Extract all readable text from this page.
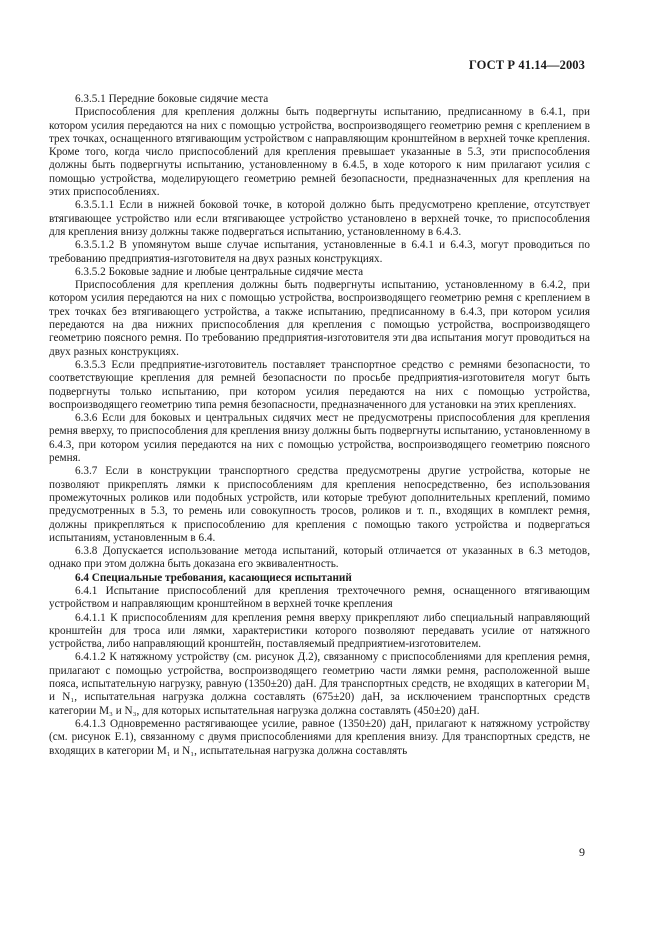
ГОСТ Р 41.14—2003

6.3.5.1 Передние боковые сидячие места

Приспособления для крепления должны быть подвергнуты испытанию, предписанному в 6.4.1, при котором усилия передаются на них с помощью устройства, воспроизводящего геометрию ремня с креплением в трех точках, оснащенного втягивающим устройством с направляющим кронштейном в верхней точке крепления. Кроме того, когда число приспособлений для крепления превышает указанные в 5.3, эти приспособления должны быть подвергнуты испытанию, установленному в 6.4.5, в ходе которого к ним прилагают усилия с помощью устройства, моделирующего геометрию ремней безопасности, предназначенных для крепления на этих приспособлениях.

6.3.5.1.1 Если в нижней боковой точке, в которой должно быть предусмотрено крепление, отсутствует втягивающее устройство или если втягивающее устройство установлено в верхней точке, то приспособления для крепления внизу должны также подвергаться испытанию, установленному в 6.4.3.

6.3.5.1.2 В упомянутом выше случае испытания, установленные в 6.4.1 и 6.4.3, могут проводиться по требованию предприятия-изготовителя на двух разных конструкциях.

6.3.5.2 Боковые задние и любые центральные сидячие места

Приспособления для крепления должны быть подвергнуты испытанию, установленному в 6.4.2, при котором усилия передаются на них с помощью устройства, воспроизводящего геометрию ремня с креплением в трех точках без втягивающего устройства, а также испытанию, предписанному в 6.4.3, при котором усилия передаются на два нижних приспособления для крепления с помощью устройства, воспроизводящего геометрию поясного ремня. По требованию предприятия-изготовителя эти два испытания могут проводиться на двух разных конструкциях.

6.3.5.3 Если предприятие-изготовитель поставляет транспортное средство с ремнями безопасности, то соответствующие крепления для ремней безопасности по просьбе предприятия-изготовителя могут быть подвергнуты только испытанию, при котором усилия передаются на них с помощью устройства, воспроизводящего геометрию типа ремня безопасности, предназначенного для установки на этих креплениях.

6.3.6 Если для боковых и центральных сидячих мест не предусмотрены приспособления для крепления ремня вверху, то приспособления для крепления внизу должны быть подвергнуты испытанию, установленному в 6.4.3, при котором усилия передаются на них с помощью устройства, воспроизводящего геометрию поясного ремня.

6.3.7 Если в конструкции транспортного средства предусмотрены другие устройства, которые не позволяют прикреплять лямки к приспособлениям для крепления непосредственно, без использования промежуточных роликов или подобных устройств, или которые требуют дополнительных креплений, помимо предусмотренных в 5.3, то ремень или совокупность тросов, роликов и т. п., входящих в комплект ремня, должны прикрепляться к приспособлению для крепления с помощью такого устройства и подвергаться испытаниям, установленным в 6.4.

6.3.8 Допускается использование метода испытаний, который отличается от указанных в 6.3 методов, однако при этом должна быть доказана его эквивалентность.

6.4 Специальные требования, касающиеся испытаний

6.4.1 Испытание приспособлений для крепления трехточечного ремня, оснащенного втягивающим устройством и направляющим кронштейном в верхней точке крепления

6.4.1.1 К приспособлениям для крепления ремня вверху прикрепляют либо специальный направляющий кронштейн для троса или лямки, характеристики которого позволяют передавать усилие от натяжного устройства, либо направляющий кронштейн, поставляемый предприятием-изготовителем.

6.4.1.2 К натяжному устройству (см. рисунок Д.2), связанному с приспособлениями для крепления ремня, прилагают с помощью устройства, воспроизводящего геометрию части лямки ремня, расположенной выше пояса, испытательную нагрузку, равную (1350±20) даН. Для транспортных средств, не входящих в категории M₁ и N₁, испытательная нагрузка должна составлять (675±20) даН, за исключением транспортных средств категории M₃ и N₃, для которых испытательная нагрузка должна составлять (450±20) даН.

6.4.1.3 Одновременно растягивающее усилие, равное (1350±20) даН, прилагают к натяжному устройству (см. рисунок Е.1), связанному с двумя приспособлениями для крепления внизу. Для транспортных средств, не входящих в категории M₁ и N₁, испытательная нагрузка должна составлять

9
